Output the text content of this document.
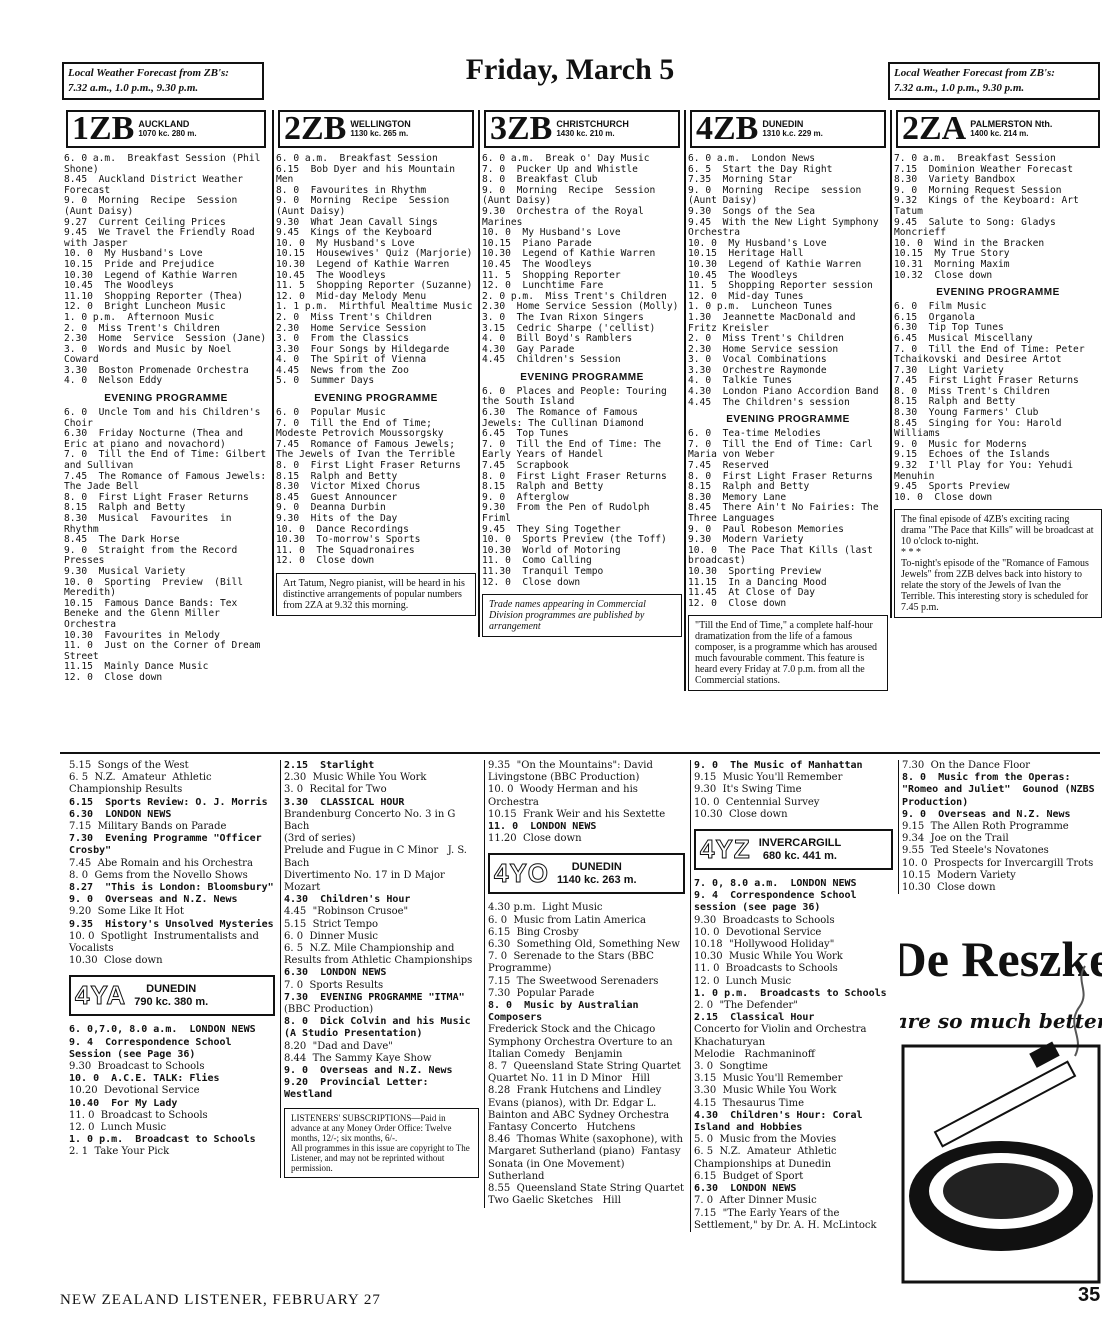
Local Weather Forecast from ZB's:
7.32 a.m., 1.0 p.m., 9.30 p.m.
Friday, March 5	Local Weather Forecast from ZB's:
7.32 a.m., 1.0 p.m., 9.30 p.m.
1ZB AUCKLAND
1070 kc. 280 m.
6. 0 a.m.  Breakfast Session (Phil Shone)
8.45  Auckland District Weather Forecast
9. 0  Morning  Recipe  Session (Aunt Daisy)
9.27  Current Ceiling Prices
9.45  We Travel the Friendly Road with Jasper
10. 0  My Husband's Love
10.15  Pride and Prejudice
10.30  Legend of Kathie Warren
10.45  The Woodleys
11.10  Shopping Reporter (Thea)
12. 0  Bright Luncheon Music
1. 0 p.m.  Afternoon Music
2. 0  Miss Trent's Children
2.30  Home  Service  Session (Jane)
3. 0  Words and Music by Noel Coward
3.30  Boston Promenade Orchestra
4. 0  Nelson Eddy
EVENING PROGRAMME
6. 0  Uncle Tom and his Children's Choir
6.30  Friday Nocturne (Thea and Eric at piano and novachord)
7. 0  Till the End of Time: Gilbert and Sullivan
7.45  The Romance of Famous Jewels: The Jade Bell
8. 0  First Light Fraser Returns
8.15  Ralph and Betty
8.30  Musical  Favourites  in Rhythm
8.45  The Dark Horse
9. 0  Straight from the Record Presses
9.30  Musical Variety
10. 0  Sporting  Preview  (Bill Meredith)
10.15  Famous Dance Bands: Tex Beneke and the Glenn Miller Orchestra
10.30  Favourites in Melody
11. 0  Just on the Corner of Dream Street
11.15  Mainly Dance Music
12. 0  Close down
2ZB WELLINGTON
1130 kc. 265 m.
6. 0 a.m.  Breakfast Session
6.15  Bob Dyer and his Mountain Men
8. 0  Favourites in Rhythm
9. 0  Morning  Recipe  Session (Aunt Daisy)
9.30  What Jean Cavall Sings
9.45  Kings of the Keyboard
10. 0  My Husband's Love
10.15  Housewives' Quiz (Marjorie)
10.30  Legend of Kathie Warren
10.45  The Woodleys
11. 5  Shopping Reporter (Suzanne)
12. 0  Mid-day Melody Menu
1. 1 p.m.  Mirthful Mealtime Music
2. 0  Miss Trent's Children
2.30  Home Service Session
3. 0  From the Classics
3.30  Four Songs by Hildegarde
4. 0  The Spirit of Vienna
4.45  News from the Zoo
5. 0  Summer Days
EVENING PROGRAMME
6. 0  Popular Music
7. 0  Till the End of Time; Modeste Petrovich Moussorgsky
7.45  Romance of Famous Jewels; The Jewels of Ivan the Terrible
8. 0  First Light Fraser Returns
8.15  Ralph and Betty
8.30  Victor Mixed Chorus
8.45  Guest Announcer
9. 0  Deanna Durbin
9.30  Hits of the Day
10. 0  Dance Recordings
10.30  To-morrow's Sports
11. 0  The Squadronaires
12. 0  Close down
Art Tatum, Negro pianist, will be heard in his distinctive arrangements of popular numbers from 2ZA at 9.32 this morning.
3ZB CHRISTCHURCH
1430 kc. 210 m.
6. 0 a.m.  Break o' Day Music
7. 0  Pucker Up and Whistle
8. 0  Breakfast Club
9. 0  Morning  Recipe  Session (Aunt Daisy)
9.30  Orchestra of the Royal Marines
10. 0  My Husband's Love
10.15  Piano Parade
10.30  Legend of Kathie Warren
10.45  The Woodleys
11. 5  Shopping Reporter
12. 0  Lunchtime Fare
2. 0 p.m.  Miss Trent's Children
2.30  Home Service Session (Molly)
3. 0  The Ivan Rixon Singers
3.15  Cedric Sharpe ('cellist)
4. 0  Bill Boyd's Ramblers
4.30  Gay Parade
4.45  Children's Session
EVENING PROGRAMME
6. 0  Places and People: Touring the South Island
6.30  The Romance of Famous Jewels: The Cullinan Diamond
6.45  Top Tunes
7. 0  Till the End of Time: The Early Years of Handel
7.45  Scrapbook
8. 0  First Light Fraser Returns
8.15  Ralph and Betty
9. 0  Afterglow
9.30  From the Pen of Rudolph Friml
9.45  They Sing Together
10. 0  Sports Preview (the Toff)
10.30  World of Motoring
11. 0  Como Calling
11.30  Tranquil Tempo
12. 0  Close down
Trade names appearing in Commercial Division programmes are published by arrangement
4ZB DUNEDIN
1310 k.c. 229 m.
6. 0 a.m.  London News
6. 5  Start the Day Right
7.35  Morning Star
9. 0  Morning  Recipe  session (Aunt Daisy)
9.30  Songs of the Sea
9.45  With the New Light Symphony Orchestra
10. 0  My Husband's Love
10.15  Heritage Hall
10.30  Legend of Kathie Warren
10.45  The Woodleys
11. 5  Shopping Reporter session
12. 0  Mid-day Tunes
1. 0 p.m.  Luncheon Tunes
1.30  Jeannette MacDonald and Fritz Kreisler
2. 0  Miss Trent's Children
2.30  Home Service session
3. 0  Vocal Combinations
3.30  Orchestre Raymonde
4. 0  Talkie Tunes
4.30  London Piano Accordion Band
4.45  The Children's session
EVENING PROGRAMME
6. 0  Tea-time Melodies
7. 0  Till the End of Time: Carl Maria von Weber
7.45  Reserved
8. 0  First Light Fraser Returns
8.15  Ralph and Betty
8.30  Memory Lane
8.45  There Ain't No Fairies: The Three Languages
9. 0  Paul Robeson Memories
9.30  Modern Variety
10. 0  The Pace That Kills (last broadcast)
10.30  Sporting Preview
11.15  In a Dancing Mood
11.45  At Close of Day
12. 0  Close down
"Till the End of Time," a complete half-hour dramatization from the life of a famous composer, is a programme which has aroused much favourable comment. This feature is heard every Friday at 7.0 p.m. from all the Commercial stations.
2ZA PALMERSTON Nth.
1400 kc. 214 m.
7. 0 a.m.  Breakfast Session
7.15  Dominion Weather Forecast
8.30  Variety Bandbox
9. 0  Morning Request Session
9.32  Kings of the Keyboard: Art Tatum
9.45  Salute to Song: Gladys Moncrieff
10. 0  Wind in the Bracken
10.15  My True Story
10.31  Morning Maxim
10.32  Close down
EVENING PROGRAMME
6. 0  Film Music
6.15  Organola
6.30  Tip Top Tunes
6.45  Musical Miscellany
7. 0  Till the End of Time: Peter Tchaikovski and Desiree Artot
7.30  Light Variety
7.45  First Light Fraser Returns
8. 0  Miss Trent's Children
8.15  Ralph and Betty
8.30  Young Farmers' Club
8.45  Singing for You: Harold Williams
9. 0  Music for Moderns
9.15  Echoes of the Islands
9.32  I'll Play for You: Yehudi Menuhin
9.45  Sports Preview
10. 0  Close down
The final episode of 4ZB's exciting racing drama "The Pace that Kills" will be broadcast at 10 o'clock to-night.
* * *
To-night's episode of the "Romance of Famous Jewels" from 2ZB delves back into history to relate the story of the Jewels of Ivan the Terrible. This interesting story is scheduled for 7.45 p.m.
5.15  Songs of the West
6. 5  N.Z.  Amateur  Athletic Championship Results
6.15  Sports Review: O. J. Morris
6.30  LONDON NEWS
7.15  Military Bands on Parade
7.30  Evening Programme "Officer Crosby"
7.45  Abe Romain and his Orchestra
8. 0  Gems from the Novello Shows
8.27  "This is London: Bloomsbury"
9. 0  Overseas and N.Z. News
9.20  Some Like It Hot
9.35  History's Unsolved Mysteries
10. 0  Spotlight  Instrumentalists and Vocalists
10.30  Close down
4YA	DUNEDIN
790 kc. 380 m.
6. 0,7.0, 8.0 a.m.  LONDON NEWS
9. 4  Correspondence School Session (see Page 36)
9.30  Broadcast to Schools
10. 0  A.C.E. TALK: Flies
10.20  Devotional Service
10.40  For My Lady
11. 0  Broadcast to Schools
12. 0  Lunch Music
1. 0 p.m.  Broadcast to Schools
2. 1  Take Your Pick
2.15  Starlight
2.30  Music While You Work
3. 0  Recital for Two
3.30  CLASSICAL HOUR
Brandenburg Concerto No. 3 in G   Bach
(3rd of series)
Prelude and Fugue in C Minor   J. S. Bach
Divertimento No. 17 in D Major   Mozart
4.30  Children's Hour
4.45  "Robinson Crusoe"
5.15  Strict Tempo
6. 0  Dinner Music
6. 5  N.Z. Mile Championship and Results from Athletic Championships
6.30  LONDON NEWS
7. 0  Sports Results
7.30  EVENING PROGRAMME "ITMA"
(BBC Production)
8. 0  Dick Colvin and his Music (A Studio Presentation)
8.20  "Dad and Dave"
8.44  The Sammy Kaye Show
9. 0  Overseas and N.Z. News
9.20  Provincial Letter: Westland
LISTENERS' SUBSCRIPTIONS—Paid in advance at any Money Order Office: Twelve months, 12/-; six months, 6/-.
All programmes in this issue are copyright to The Listener, and may not be reprinted without permission.
9.35  "On the Mountains": David Livingstone (BBC Production)
10. 0  Woody Herman and his Orchestra
10.15  Frank Weir and his Sextette
11. 0  LONDON NEWS
11.20  Close down
4YO	DUNEDIN
1140 kc. 263 m.
4.30 p.m.  Light Music
6. 0  Music from Latin America
6.15  Bing Crosby
6.30  Something Old, Something New
7. 0  Serenade to the Stars (BBC Programme)
7.15  The Sweetwood Serenaders
7.30  Popular Parade
8. 0  Music by Australian Composers
Frederick Stock and the Chicago Symphony Orchestra Overture to an Italian Comedy   Benjamin
8. 7  Queensland State String Quartet  Quartet No. 11 in D Minor   Hill
8.28  Frank Hutchens and Lindley Evans (pianos), with Dr. Edgar L. Bainton and ABC Sydney Orchestra  Fantasy Concerto   Hutchens
8.46  Thomas White (saxophone), with Margaret Sutherland (piano)  Fantasy Sonata (in One Movement)   Sutherland
8.55  Queensland State String Quartet  Two Gaelic Sketches   Hill
9. 0  The Music of Manhattan
9.15  Music You'll Remember
9.30  It's Swing Time
10. 0  Centennial Survey
10.30  Close down
4YZ INVERCARGILL
680 kc. 441 m.
7. 0, 8.0 a.m.  LONDON NEWS
9. 4  Correspondence School session (see page 36)
9.30  Broadcasts to Schools
10. 0  Devotional Service
10.18  "Hollywood Holiday"
10.30  Music While You Work
11. 0  Broadcasts to Schools
12. 0  Lunch Music
1. 0 p.m.  Broadcasts to Schools
2. 0  "The Defender"
2.15  Classical Hour
Concerto for Violin and Orchestra   Khachaturyan
Melodie   Rachmaninoff
3. 0  Songtime
3.15  Music You'll Remember
3.30  Music While You Work
4.15  Thesaurus Time
4.30  Children's Hour: Coral Island and Hobbies
5. 0  Music from the Movies
6. 5  N.Z.  Amateur  Athletic Championships at Dunedin
6.15  Budget of Sport
6.30  LONDON NEWS
7. 0  After Dinner Music
7.15  "The Early Years of the Settlement," by Dr. A. H. McLintock
7.30  On the Dance Floor
8. 0  Music from the Operas: "Romeo and Juliet"  Gounod (NZBS Production)
9. 0  Overseas and N.Z. News
9.15  The Allen Roth Programme
9.34  Joe on the Trail
9.55  Ted Steele's Novatones
10. 0  Prospects for Invercargill Trots
10.15  Modern Variety
10.30  Close down
De Reszke
are so much better
NEW ZEALAND LISTENER, FEBRUARY 27	35
